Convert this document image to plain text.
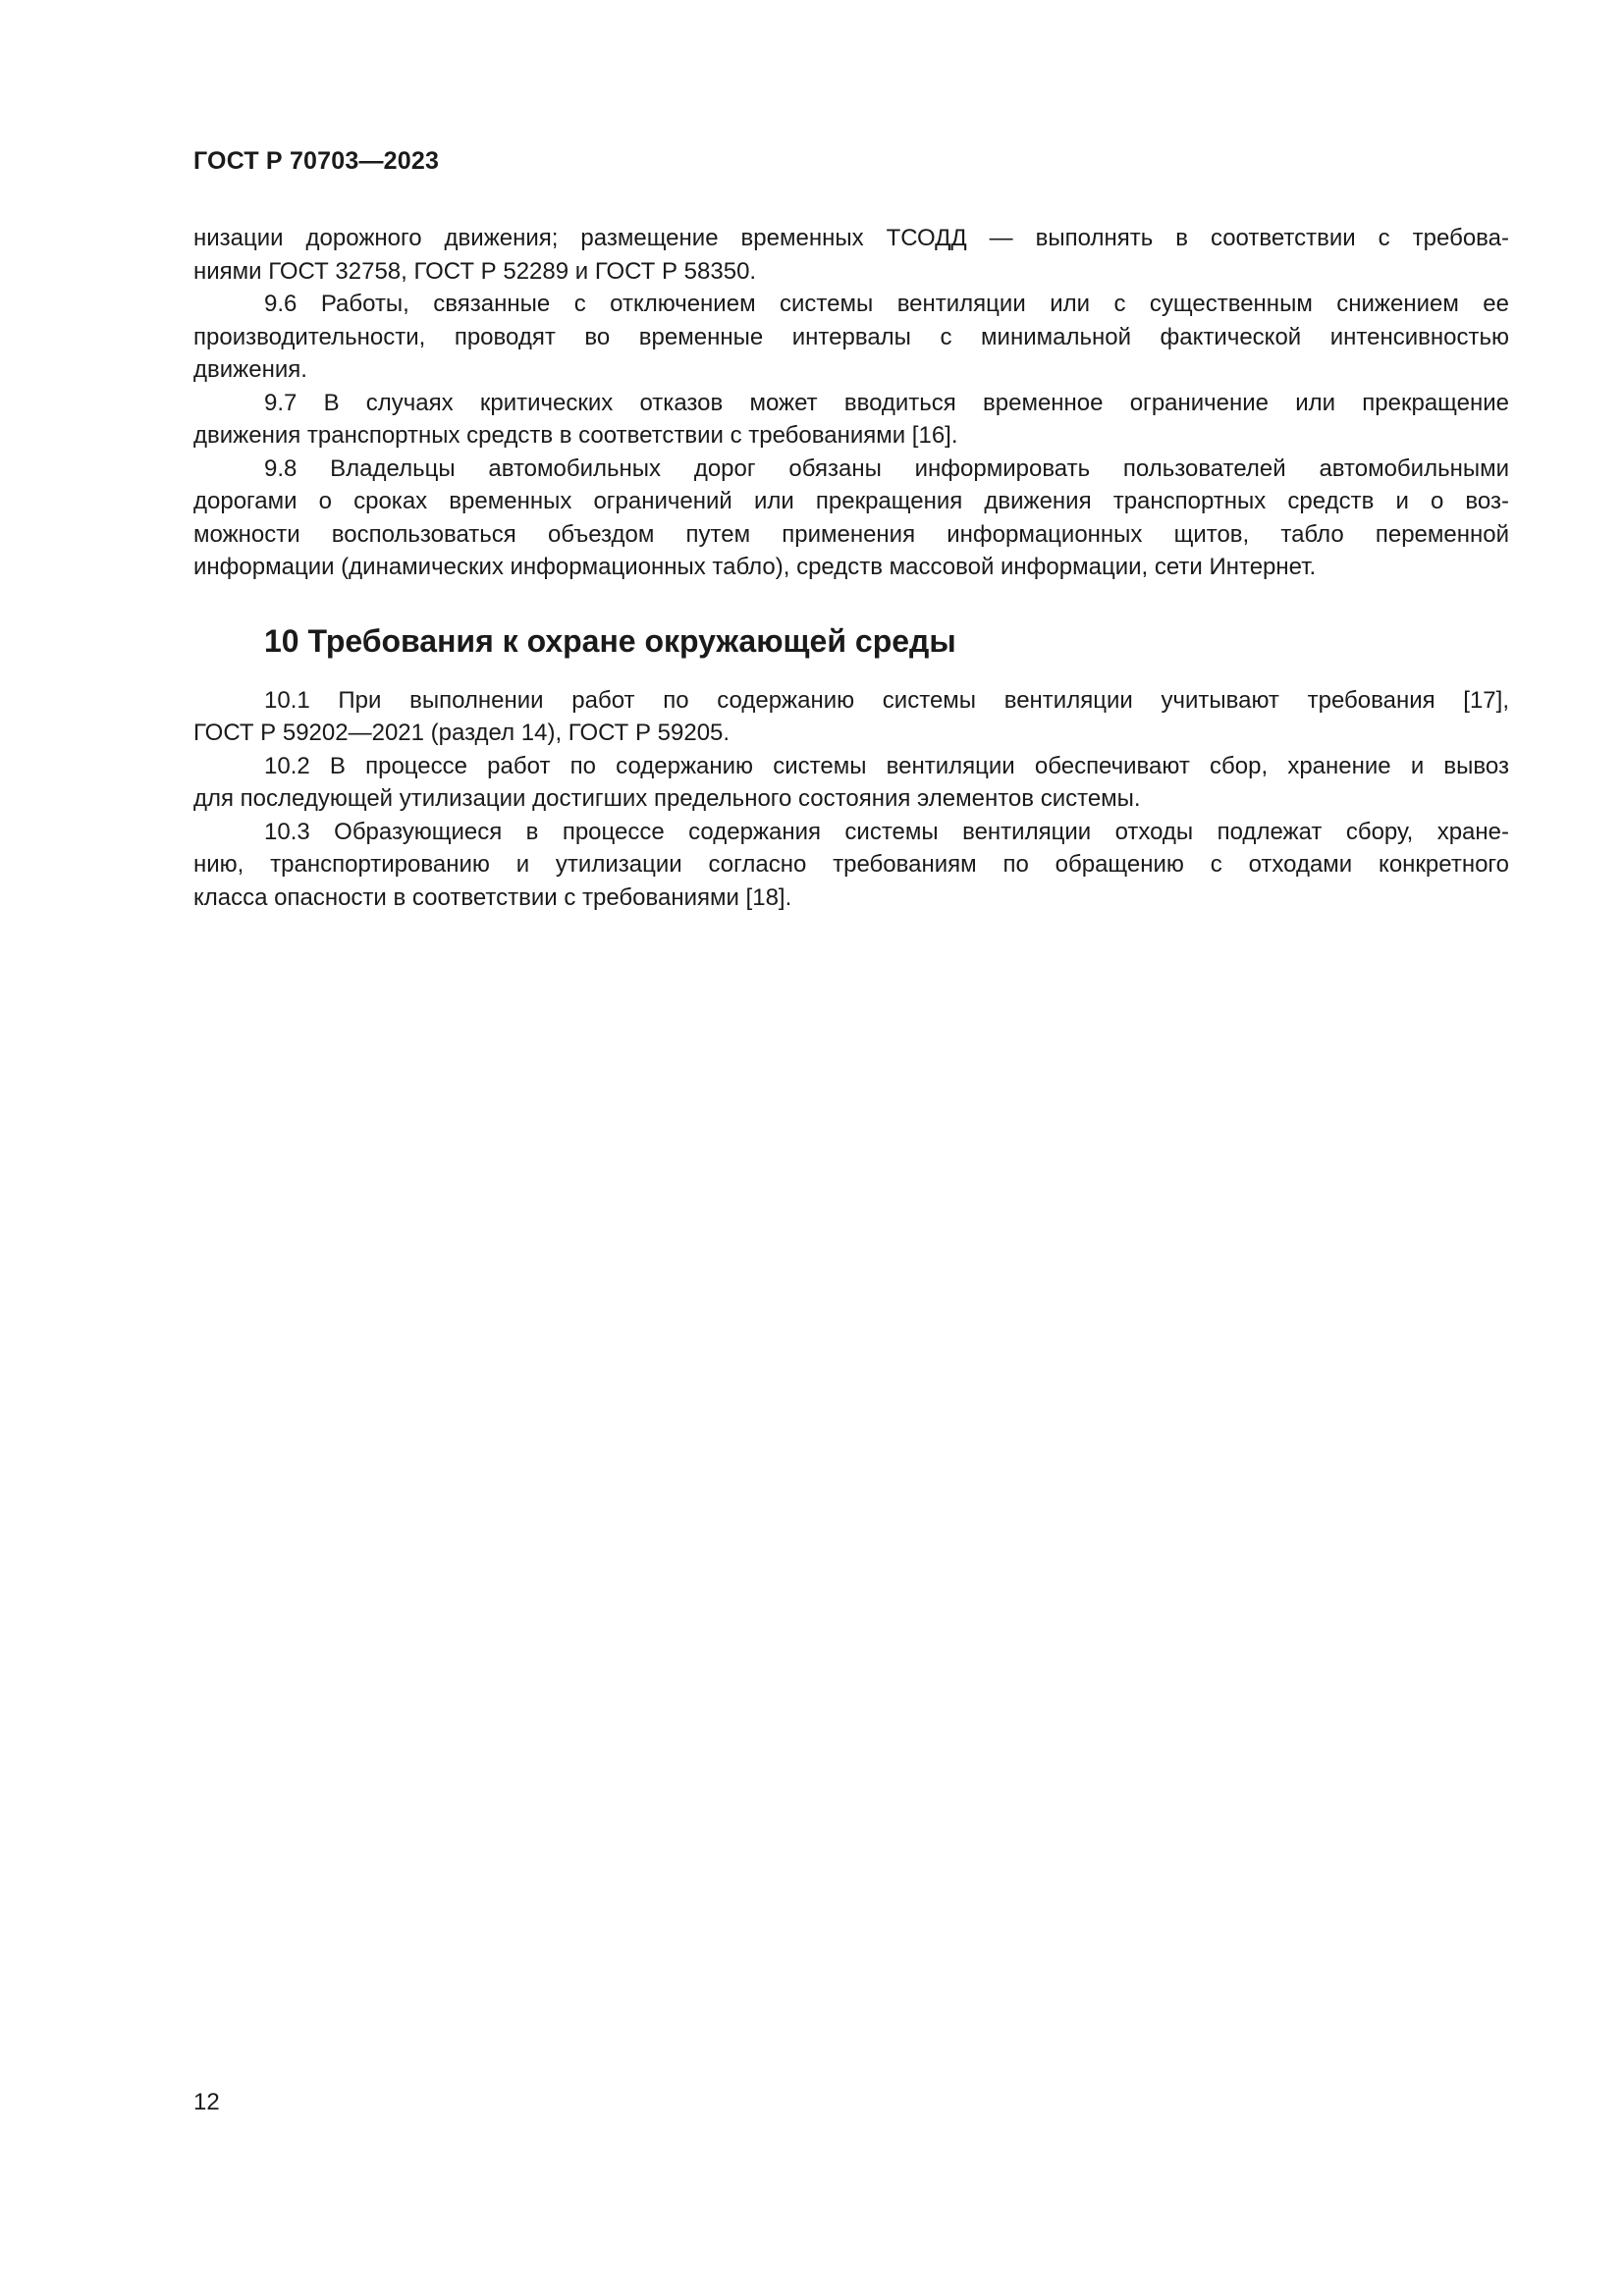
ГОСТ Р 70703—2023
низации дорожного движения; размещение временных ТСОДД — выполнять в соответствии с требова-
ниями ГОСТ 32758, ГОСТ Р 52289 и ГОСТ Р 58350.
9.6 Работы, связанные с отключением системы вентиляции или с существенным снижением ее
производительности, проводят во временные интервалы с минимальной фактической интенсивностью
движения.
9.7 В случаях критических отказов может вводиться временное ограничение или прекращение
движения транспортных средств в соответствии с требованиями [16].
9.8 Владельцы автомобильных дорог обязаны информировать пользователей автомобильными
дорогами о сроках временных ограничений или прекращения движения транспортных средств и о воз-
можности воспользоваться объездом путем применения информационных щитов, табло переменной
информации (динамических информационных табло), средств массовой информации, сети Интернет.
10 Требования к охране окружающей среды
10.1 При выполнении работ по содержанию системы вентиляции учитывают требования [17],
ГОСТ Р 59202—2021 (раздел 14), ГОСТ Р 59205.
10.2 В процессе работ по содержанию системы вентиляции обеспечивают сбор, хранение и вывоз
для последующей утилизации достигших предельного состояния элементов системы.
10.3 Образующиеся в процессе содержания системы вентиляции отходы подлежат сбору, хране-
нию, транспортированию и утилизации согласно требованиям по обращению с отходами конкретного
класса опасности в соответствии с требованиями [18].
12
